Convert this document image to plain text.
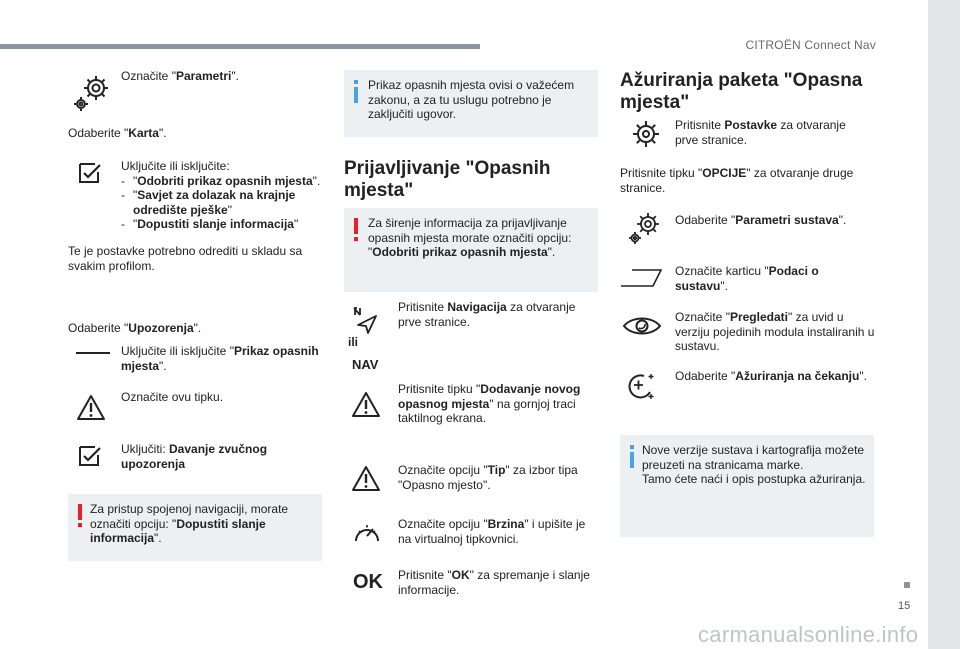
CITROËN Connect Nav
Označite "Parametri".
Odaberite "Karta".
Uključite ili isključite:
- "Odobriti prikaz opasnih mjesta".
- "Savjet za dolazak na krajnje odredište pješke"
- "Dopustiti slanje informacija"
Te je postavke potrebno odrediti u skladu sa svakim profilom.
Odaberite "Upozorenja".
Uključite ili isključite "Prikaz opasnih mjesta".
Označite ovu tipku.
Uključiti: Davanje zvučnog upozorenja
Za pristup spojenoj navigaciji, morate označiti opciju: "Dopustiti slanje informacija".
Prikaz opasnih mjesta ovisi o važećem zakonu, a za tu uslugu potrebno je zaključiti ugovor.
Prijavljivanje "Opasnih mjesta"
Za širenje informacija za prijavljivanje opasnih mjesta morate označiti opciju: "Odobriti prikaz opasnih mjesta".
Pritisnite Navigacija za otvaranje prve stranice.
ili
NAV
Pritisnite tipku "Dodavanje novog opasnog mjesta" na gornjoj traci taktilnog ekrana.
Označite opciju "Tip" za izbor tipa "Opasno mjesto".
Označite opciju "Brzina" i upišite je na virtualnoj tipkovnici.
OK Pritisnite "OK" za spremanje i slanje informacije.
Ažuriranja paketa "Opasna mjesta"
Pritisnite Postavke za otvaranje prve stranice.
Pritisnite tipku "OPCIJE" za otvaranje druge stranice.
Odaberite "Parametri sustava".
Označite karticu "Podaci o sustavu".
Označite "Pregledati" za uvid u verziju pojedinih modula instaliranih u sustavu.
Odaberite "Ažuriranja na čekanju".
Nove verzije sustava i kartografija možete preuzeti na stranicama marke.
Tamo ćete naći i opis postupka ažuriranja.
15
carmanualsonline.info
